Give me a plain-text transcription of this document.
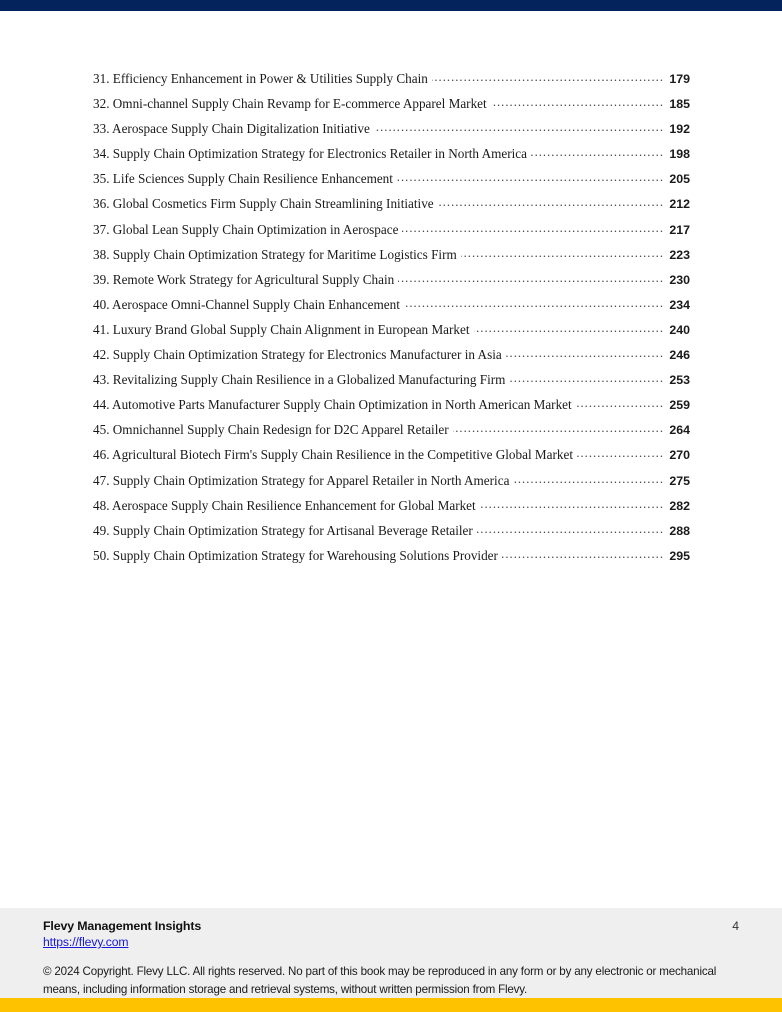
31. Efficiency Enhancement in Power & Utilities Supply Chain .....	179
32. Omni-channel Supply Chain Revamp for E-commerce Apparel Market .....	185
33. Aerospace Supply Chain Digitalization Initiative .....	192
34. Supply Chain Optimization Strategy for Electronics Retailer in North America .....	198
35. Life Sciences Supply Chain Resilience Enhancement .....	205
36. Global Cosmetics Firm Supply Chain Streamlining Initiative .....	212
37. Global Lean Supply Chain Optimization in Aerospace .....	217
38. Supply Chain Optimization Strategy for Maritime Logistics Firm .....	223
39. Remote Work Strategy for Agricultural Supply Chain .....	230
40. Aerospace Omni-Channel Supply Chain Enhancement .....	234
41. Luxury Brand Global Supply Chain Alignment in European Market .....	240
42. Supply Chain Optimization Strategy for Electronics Manufacturer in Asia .....	246
43. Revitalizing Supply Chain Resilience in a Globalized Manufacturing Firm .....	253
44. Automotive Parts Manufacturer Supply Chain Optimization in North American Market .....	259
45. Omnichannel Supply Chain Redesign for D2C Apparel Retailer .....	264
46. Agricultural Biotech Firm's Supply Chain Resilience in the Competitive Global Market .....	270
47. Supply Chain Optimization Strategy for Apparel Retailer in North America .....	275
48. Aerospace Supply Chain Resilience Enhancement for Global Market .....	282
49. Supply Chain Optimization Strategy for Artisanal Beverage Retailer .....	288
50. Supply Chain Optimization Strategy for Warehousing Solutions Provider .....	295
Flevy Management Insights
https://flevy.com
4
© 2024 Copyright. Flevy LLC. All rights reserved. No part of this book may be reproduced in any form or by any electronic or mechanical means, including information storage and retrieval systems, without written permission from Flevy.
